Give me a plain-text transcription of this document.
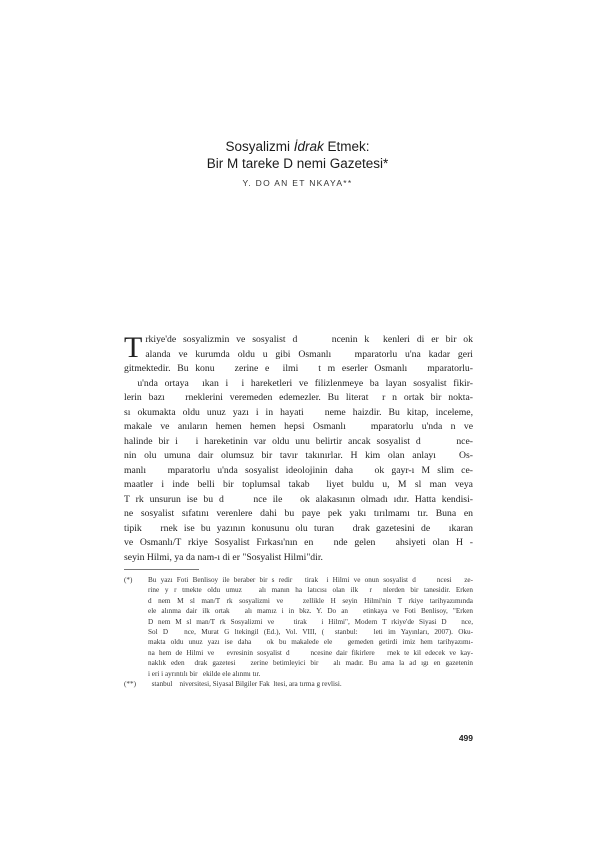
Sosyalizmi İdrak Etmek:
Bir M tareke D nemi Gazetesi*
Y. DO AN ET NKAYA**
T rkiye'de sosyalizmin ve sosyalist d     ncenin k  kenleri di er bir ok
alanda ve kurumda oldu u gibi Osmanlı   mparatorlu u'na kadar geri
gitmektedir. Bu konu   zerine e  ilmi   t m eserler Osmanlı   mparatorlu-
u'nda ortaya  ıkan i  i hareketleri ve filizlenmeye ba layan sosyalist fikir-
lerin bazı   rneklerini veremeden edemezler. Bu literat  r n ortak bir nokta-
sı okumakta oldu unuz yazı i in hayati   neme haizdir. Bu kitap, inceleme,
makale ve anıların hemen hemen hepsi Osmanlı   mparatorlu u'nda n ve
halinde bir i   i hareketinin var oldu unu belirtir ancak sosyalist d      nce-
nin olu umuna dair olumsuz bir tavır takınırlar. H kim olan anlayı   Os-
manlı   mparatorlu u'nda sosyalist ideolojinin daha   ok gayr-ı M slim ce-
maatler i inde belli bir toplumsal takab  liyet buldu u, M sl man veya
T rk unsurun ise bu d     nce ile   ok alakasının olmadı ıdır. Hatta kendisi-
ne sosyalist sıfatını verenlere dahi bu paye pek yakı tırılmamı tır. Buna en
tipik   rnek ise bu yazının konusunu olu turan   drak gazetesini de   ıkaran
ve Osmanlı/T rkiye Sosyalist Fırkası'nın en   nde gelen   ahsiyeti olan H -
seyin Hilmi, ya da nam-ı di er "Sosyalist Hilmi"dir.
(*)	Bu yazı Foti Benlisoy ile beraber bir s redir   tirak  i Hilmi ve onun sosyalist d     ncesi   ze-
rine y r tmekte oldu umuz   alı manın ha latıcısı olan ilk  r  nlerden bir tanesidir. Erken
d nem M sl man/T rk sosyalizmi ve   zellikle H seyin Hilmi'nin T rkiye tarihyazımında
ele alınma dair ilk ortak   alı mamız i in bkz. Y. Do an   etinkaya ve Foti Benlisoy, "Erken
D nem M sl man/T rk Sosyalizmi ve    tirak   i Hilmi", Modern T rkiye'de Siyasi D   nce,
Sol D   nce, Murat G ltekingil (Ed.), Vol. VIII, (  stanbul:   leti im Yayınları, 2007). Oku-
makta oldu unuz yazı ise daha   ok bu makalede ele   gemeden getirdi imiz hem tarihyazımı-
na hem de Hilmi ve   evresinin sosyalist d     ncesine dair fikirlere   rnek te kil edecek ve kay-
naklık eden  drak gazetesi   zerine betimleyici bir   alı madır. Bu ama la ad ıgı en gazetenin
i eri i ayrıntılı bir   ekilde ele alınmı tır.
(**)	stanbul    niversitesi, Siyasal Bilgiler Fak  ltesi, ara tırma g revlisi.
499
